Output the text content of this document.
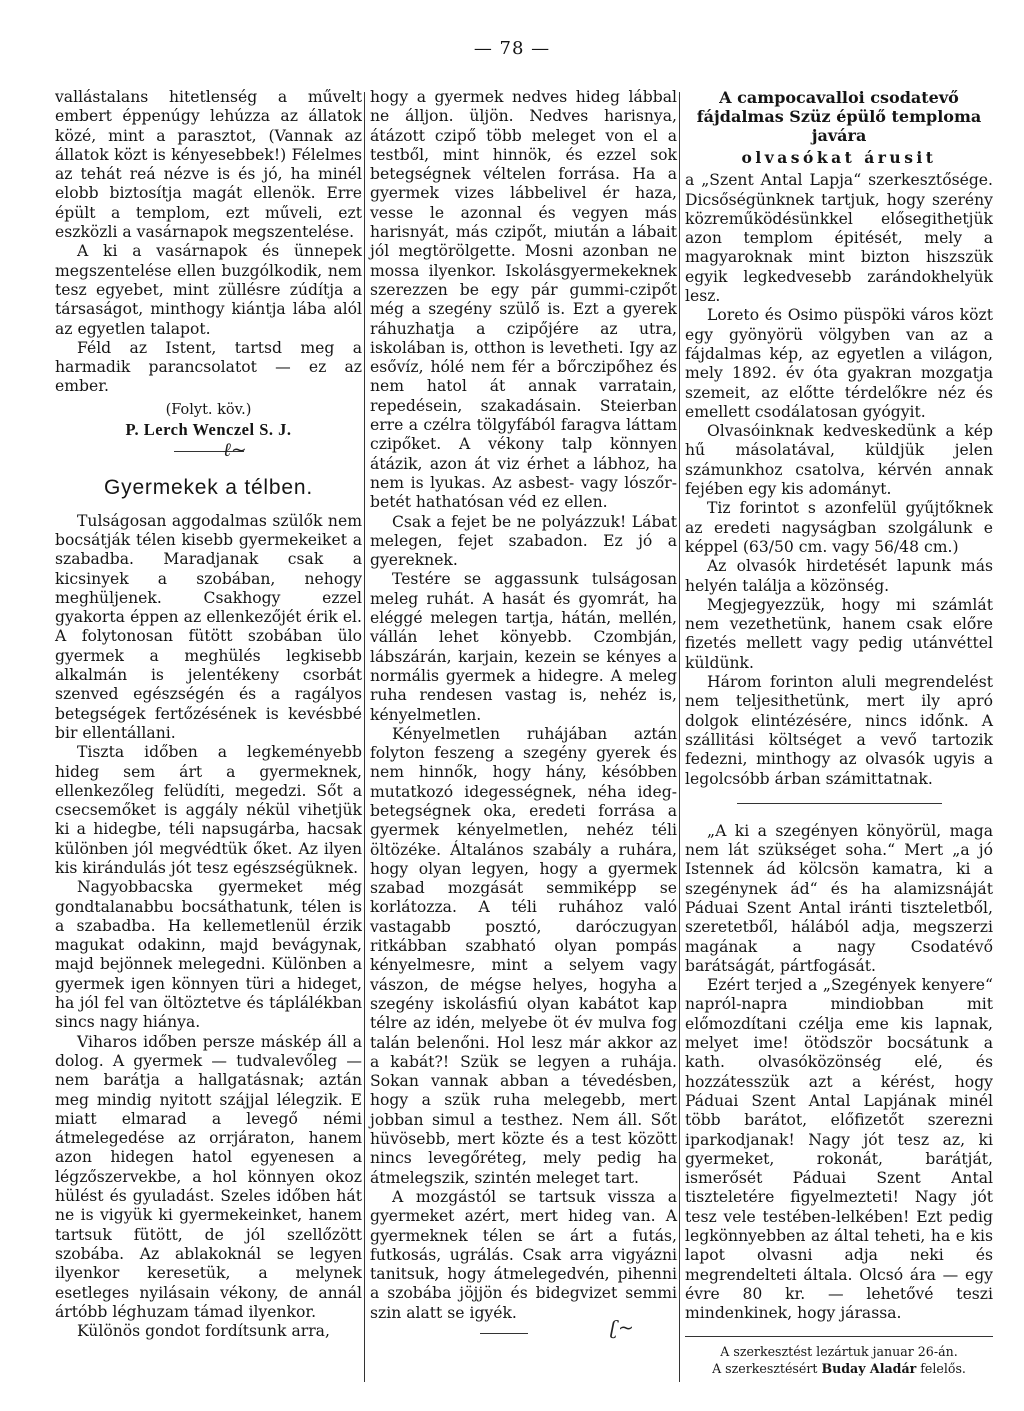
— 78 —

vallástalans hitetlenség a művelt embert éppenúgy lehúzza az állatok közé, mint a parasztot, (Vannak az állatok közt is kényesebbek!) Félelmes az tehát reá nézve is és jó, ha minél elobb biztosítja magát ellenök. Erre épült a templom, ezt műveli, ezt eszközli a vasárnapok megszentelése.

A ki a vasárnapok és ünnepek megszentelése ellen buzgólkodik, nem tesz egyebet, mint züllésre zúdítja a társaságot, minthogy kiántja lába alól az egyetlen talapot.

Féld az Istent, tartsd meg a harmadik parancsolatot — ez az ember.

(Folyt. köv.)
P. Lerch Wenczel S. J.
ℓ~
Gyermekek a télben.

Tulságosan aggodalmas szülők nem bocsátják télen kisebb gyermekeiket a szabadba. Maradjanak csak a kicsinyek a szobában, nehogy meghüljenek. Csakhogy ezzel gyakorta éppen az ellenkezőjét érik el. A folytonosan fütött szobában ülo gyermek a meghülés legkisebb alkalmán is jelentékeny csorbát szenved egészségén és a ragályos betegségek fertőzésének is kevésbbé bir ellentállani.

Tiszta időben a legkeményebb hideg sem árt a gyermeknek, ellenkezőleg felüdíti, megedzi. Sőt a csecsemőket is aggály nékül vihetjük ki a hidegbe, téli napsugárba, hacsak különben jól megvédtük őket. Az ilyen kis kirándulás jót tesz egészségüknek.

Nagyobbacska gyermeket még gondtalanabbu bocsáthatunk, télen is a szabadba. Ha kellemetlenül érzik magukat odakinn, majd bevágynak, majd bejönnek melegedni. Különben a gyermek igen könnyen türi a hideget, ha jól fel van öltöztetve és táplálékban sincs nagy hiánya.

Viharos időben persze máskép áll a dolog. A gyermek — tudvalevőleg — nem barátja a hallgatásnak; aztán meg mindig nyitott szájjal lélegzik. E miatt elmarad a levegő némi átmelegedése az orrjáraton, hanem azon hidegen hatol egyenesen a légzőszervekbe, a hol könnyen okoz hülést és gyuladást. Szeles időben hát ne is vigyük ki gyermekeinket, hanem tartsuk fütött, de jól szellőzött szobába. Az ablakoknál se legyen ilyenkor keresetük, a melynek esetleges nyilásain vékony, de annál ártóbb léghuzam támad ilyenkor.

Különös gondot fordítsunk arra,

hogy a gyermek nedves hideg lábbal ne álljon. üljön. Nedves harisnya, átázott czipő több meleget von el a testből, mint hinnök, és ezzel sok betegségnek véltelen forrása. Ha a gyermek vizes lábbelivel ér haza, vesse le azonnal és vegyen más harisnyát, más czipőt, miután a lábait jól megtörölgette. Mosni azonban ne mossa ilyenkor. Iskolásgyermekeknek szerezzen be egy pár gummi-czipőt még a szegény szülő is. Ezt a gyerek ráhuzhatja a czipőjére az utra, iskolában is, otthon is levetheti. Igy az esővíz, hólé nem fér a bőrczipőhez és nem hatol át annak varratain, repedésein, szakadásain. Steierban erre a czélra tölgyfából faragva láttam czipőket. A vékony talp könnyen átázik, azon át viz érhet a lábhoz, ha nem is lyukas. Az asbest- vagy lószőr-betét hathatósan véd ez ellen.

Csak a fejet be ne polyázzuk! Lábat melegen, fejet szabadon. Ez jó a gyereknek.

Testére se aggassunk tulságosan meleg ruhát. A hasát és gyomrát, ha eléggé melegen tartja, hátán, mellén, vállán lehet könyebb. Czombján, lábszárán, karjain, kezein se kényes a normális gyermek a hidegre. A meleg ruha rendesen vastag is, nehéz is, kényelmetlen.

Kényelmetlen ruhájában aztán folyton feszeng a szegény gyerek és nem hinnők, hogy hány, késóbben mutatkozó idegességnek, néha ideg-betegségnek oka, eredeti forrása a gyermek kényelmetlen, nehéz téli öltözéke. Általános szabály a ruhára, hogy olyan legyen, hogy a gyermek szabad mozgását semmiképp se korlátozza. A téli ruhához való vastagabb posztó, daróczugyan ritkábban szabható olyan pompás kényelmesre, mint a selyem vagy vászon, de mégse helyes, hogyha a szegény iskolásfiú olyan kabátot kap télre az idén, melyebe öt év mulva fog talán belenőni. Hol lesz már akkor az a kabát?! Szük se legyen a ruhája. Sokan vannak abban a tévedésben, hogy a szük ruha melegebb, mert jobban simul a testhez. Nem áll. Sőt hüvösebb, mert közte és a test között nincs levegőréteg, mely pedig ha átmelegszik, szintén meleget tart.

A mozgástól se tartsuk vissza a gyermeket azért, mert hideg van. A gyermeknek télen se árt a futás, futkosás, ugrálás. Csak arra vigyázni tanitsuk, hogy átmelegedvén, pihenni a szobába jöjjön és bidegvizet semmi szin alatt se igyék.

ʗ~
A campocavalloi csodatevő fájdalmas Szüz épülő temploma javára
olvasókat árusit

a „Szent Antal Lapja“ szerkesztősége. Dicsőségünknek tartjuk, hogy szerény közreműködésünkkel elősegithetjük azon templom épitését, mely a magyaroknak mint bizton hiszszük egyik legkedvesebb zarándokhelyük lesz.

Loreto és Osimo püspöki város közt egy gyönyörü völgyben van az a fájdalmas kép, az egyetlen a világon, mely 1892. év óta gyakran mozgatja szemeit, az előtte térdelőkre néz és emellett csodálatosan gyógyit.

Olvasóinknak kedveskedünk a kép hű másolatával, küldjük jelen számunkhoz csatolva, kérvén annak fejében egy kis adományt.

Tiz forintot s azonfelül gyűjtőknek az eredeti nagyságban szolgálunk e képpel (63/50 cm. vagy 56/48 cm.)

Az olvasók hirdetését lapunk más helyén találja a közönség.

Megjegyezzük, hogy mi számlát nem vezethetünk, hanem csak előre fizetés mellett vagy pedig utánvéttel küldünk.

Három forinton aluli megrendelést nem teljesithetünk, mert ily apró dolgok elintézésére, nincs időnk. A szállitási költséget a vevő tartozik fedezni, minthogy az olvasók ugyis a legolcsóbb árban számittatnak.

„A ki a szegényen könyörül, maga nem lát szükséget soha.“ Mert „a jó Istennek ád kölcsön kamatra, ki a szegénynek ád“ és ha alamizsnáját Páduai Szent Antal iránti tiszteletből, szeretetből, hálából adja, megszerzi magának a nagy Csodatévő barátságát, pártfogását.

Ezért terjed a „Szegények kenyere“ napról-napra mindiobban mit előmozdítani czélja eme kis lapnak, melyet ime! ötödször bocsátunk a kath. olvasóközönség elé, és hozzátesszük azt a kérést, hogy Páduai Szent Antal Lapjának minél több barátot, előfizetőt szerezni iparkodjanak! Nagy jót tesz az, ki gyermeket, rokonát, barátját, ismerősét Páduai Szent Antal tiszteletére figyelmezteti! Nagy jót tesz vele testében-lelkében! Ezt pedig legkönnyebben az által teheti, ha e kis lapot olvasni adja neki és megrendelteti általa. Olcsó ára — egy évre 80 kr. — lehetővé teszi mindenkinek, hogy járassa.

A szerkesztést lezártuk januar 26-án.
A szerkesztésért Buday Aladár felelős.
